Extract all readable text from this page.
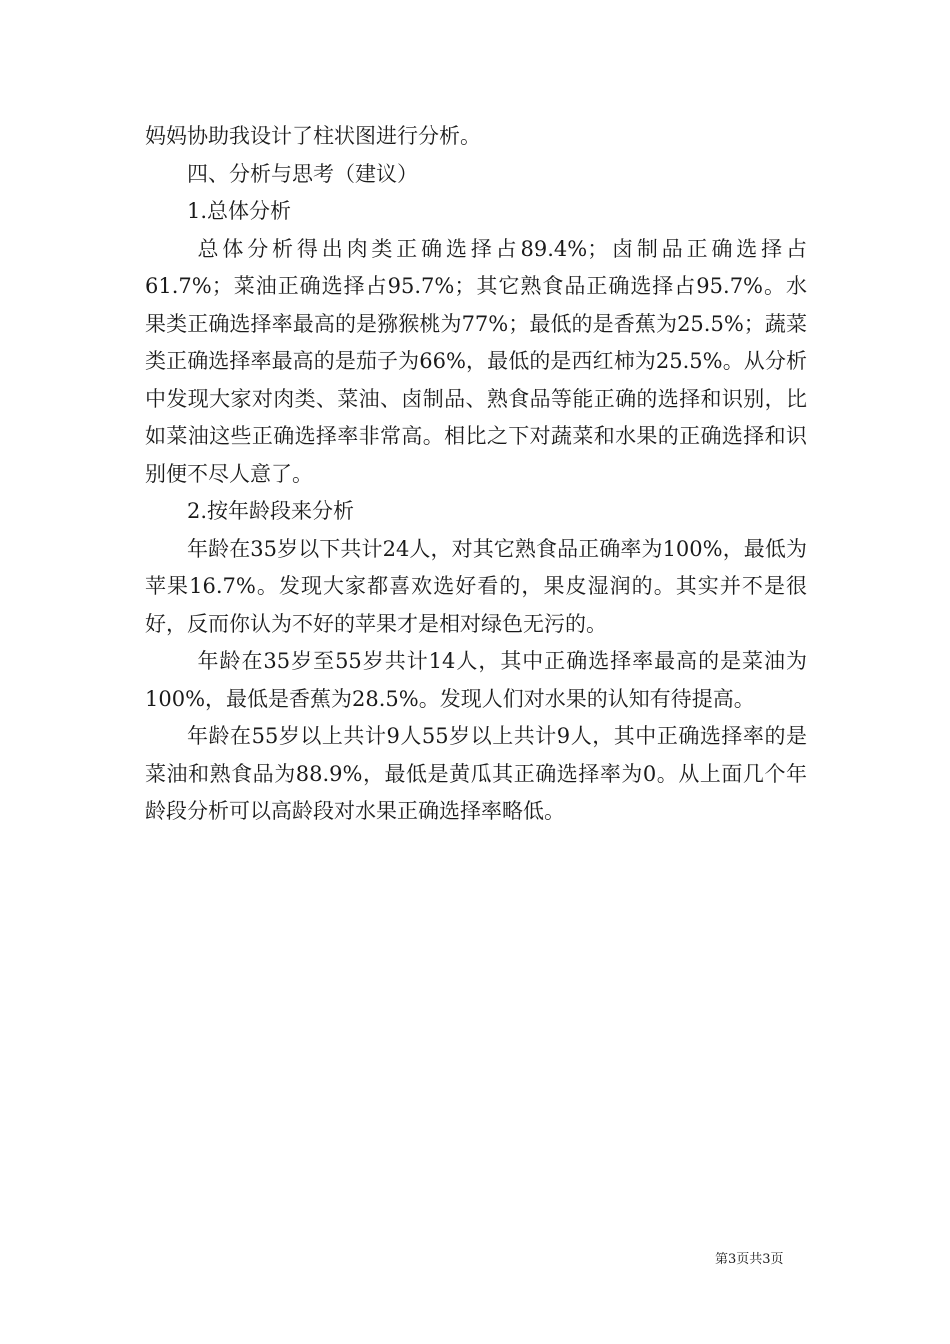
妈妈协助我设计了柱状图进行分析。

四、分析与思考（建议）

1.总体分析

总体分析得出肉类正确选择占89.4%；卤制品正确选择占61.7%；菜油正确选择占95.7%；其它熟食品正确选择占95.7%。水果类正确选择率最高的是猕猴桃为77%；最低的是香蕉为25.5%；蔬菜类正确选择率最高的是茄子为66%，最低的是西红柿为25.5%。从分析中发现大家对肉类、菜油、卤制品、熟食品等能正确的选择和识别，比如菜油这些正确选择率非常高。相比之下对蔬菜和水果的正确选择和识别便不尽人意了。

2.按年龄段来分析

年龄在35岁以下共计24人，对其它熟食品正确率为100%，最低为苹果16.7%。发现大家都喜欢选好看的，果皮湿润的。其实并不是很好，反而你认为不好的苹果才是相对绿色无污的。

年龄在35岁至55岁共计14人，其中正确选择率最高的是菜油为100%，最低是香蕉为28.5%。发现人们对水果的认知有待提高。

年龄在55岁以上共计9人55岁以上共计9人，其中正确选择率的是菜油和熟食品为88.9%，最低是黄瓜其正确选择率为0。从上面几个年龄段分析可以高龄段对水果正确选择率略低。

第3页共3页
